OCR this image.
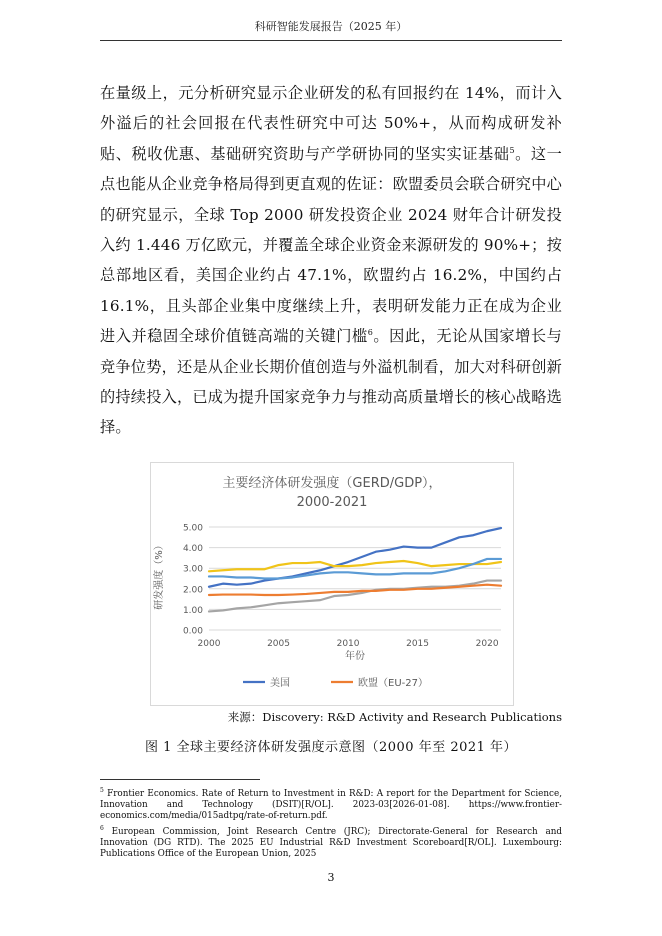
科研智能发展报告（2025 年）

在量级上，元分析研究显示企业研发的私有回报约在 14%，而计入外溢后的社会回报在代表性研究中可达 50%+，从而构成研发补贴、税收优惠、基础研究资助与产学研协同的坚实实证基础$^5$。这一点也能从企业竞争格局得到更直观的佐证：欧盟委员会联合研究中心的研究显示，全球 Top 2000 研发投资企业 2024 财年合计研发投入约 1.446 万亿欧元，并覆盖全球企业资金来源研发的 90%+；按总部地区看，美国企业约占 47.1%，欧盟约占 16.2%，中国约占 16.1%，且头部企业集中度继续上升，表明研发能力正在成为企业进入并稳固全球价值链高端的关键门槛$^6$。因此，无论从国家增长与竞争位势，还是从企业长期价值创造与外溢机制看，加大对科研创新的持续投入，已成为提升国家竞争力与推动高质量增长的核心战略选择。

主要经济体研发强度（GERD/GDP），
2000-2021
0.00
1.00
2.00
3.00
4.00
5.00
2000	2005	2010	2015	2020
研发强度（%）
年份
美国	欧盟（EU-27）
来源：Discovery: R&D Activity and Research Publications
图 1 全球主要经济体研发强度示意图（2000 年至 2021 年）

$^5$ Frontier Economics. Rate of Return to Investment in R&D: A report for the Department for Science, Innovation and Technology (DSIT)[R/OL]. 2023-03[2026-01-08]. https://www.frontier-economics.com/media/015adtpq/rate-of-return.pdf.

$^6$ European Commission, Joint Research Centre (JRC); Directorate-General for Research and Innovation (DG RTD). The 2025 EU Industrial R&D Investment Scoreboard[R/OL]. Luxembourg: Publications Office of the European Union, 2025

3
